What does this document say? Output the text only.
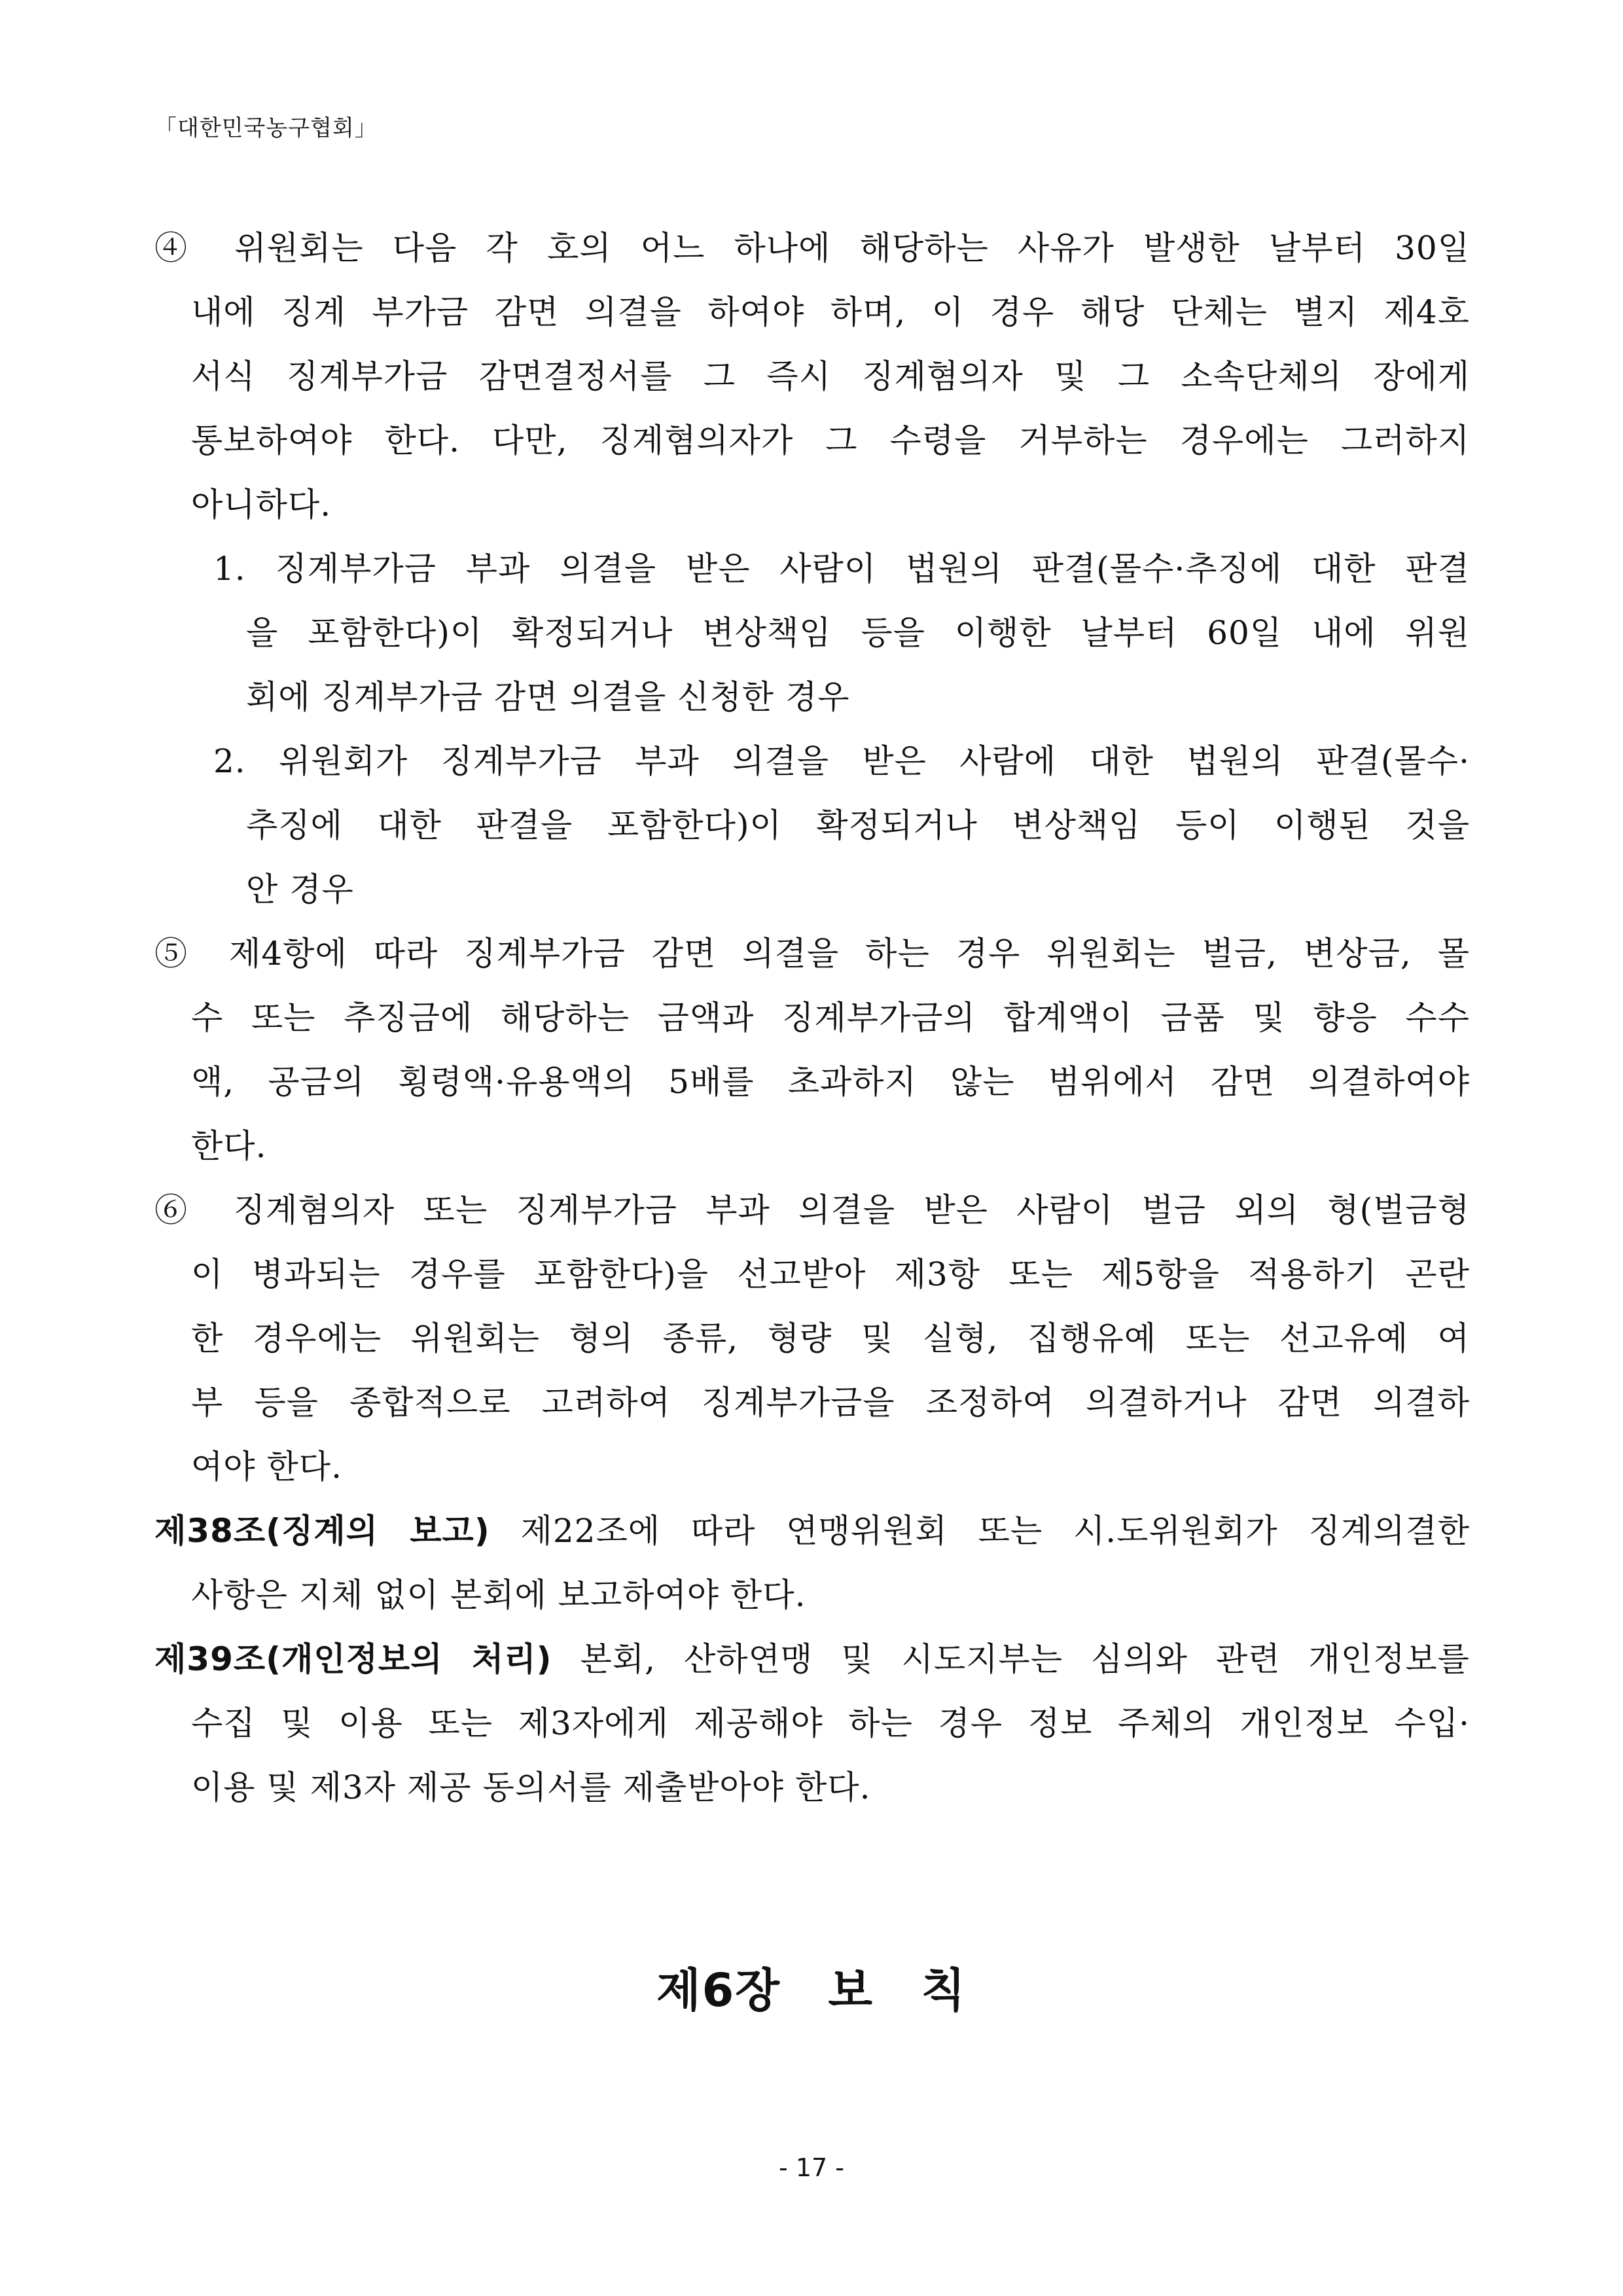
「대한민국농구협회」
④ 위원회는 다음 각 호의 어느 하나에 해당하는 사유가 발생한 날부터 30일
내에 징계 부가금 감면 의결을 하여야 하며, 이 경우 해당 단체는 별지 제4호
서식 징계부가금 감면결정서를 그 즉시 징계혐의자 및 그 소속단체의 장에게
통보하여야 한다. 다만, 징계혐의자가 그 수령을 거부하는 경우에는 그러하지
아니하다.
1. 징계부가금 부과 의결을 받은 사람이 법원의 판결(몰수·추징에 대한 판결
을 포함한다)이 확정되거나 변상책임 등을 이행한 날부터 60일 내에 위원
회에 징계부가금 감면 의결을 신청한 경우
2. 위원회가 징계부가금 부과 의결을 받은 사람에 대한 법원의 판결(몰수·
추징에 대한 판결을 포함한다)이 확정되거나 변상책임 등이 이행된 것을
안 경우
⑤ 제4항에 따라 징계부가금 감면 의결을 하는 경우 위원회는 벌금, 변상금, 몰
수 또는 추징금에 해당하는 금액과 징계부가금의 합계액이 금품 및 향응 수수
액, 공금의 횡령액·유용액의 5배를 초과하지 않는 범위에서 감면 의결하여야
한다.
⑥ 징계혐의자 또는 징계부가금 부과 의결을 받은 사람이 벌금 외의 형(벌금형
이 병과되는 경우를 포함한다)을 선고받아 제3항 또는 제5항을 적용하기 곤란
한 경우에는 위원회는 형의 종류, 형량 및 실형, 집행유예 또는 선고유예 여
부 등을 종합적으로 고려하여 징계부가금을 조정하여 의결하거나 감면 의결하
여야 한다.
제38조(징계의 보고) 제22조에 따라 연맹위원회 또는 시.도위원회가 징계의결한
사항은 지체 없이 본회에 보고하여야 한다.
제39조(개인정보의 처리) 본회, 산하연맹 및 시도지부는 심의와 관련 개인정보를
수집 및 이용 또는 제3자에게 제공해야 하는 경우 정보 주체의 개인정보 수입·
이용 및 제3자 제공 동의서를 제출받아야 한다.
제6장 보 칙
- 17 -
